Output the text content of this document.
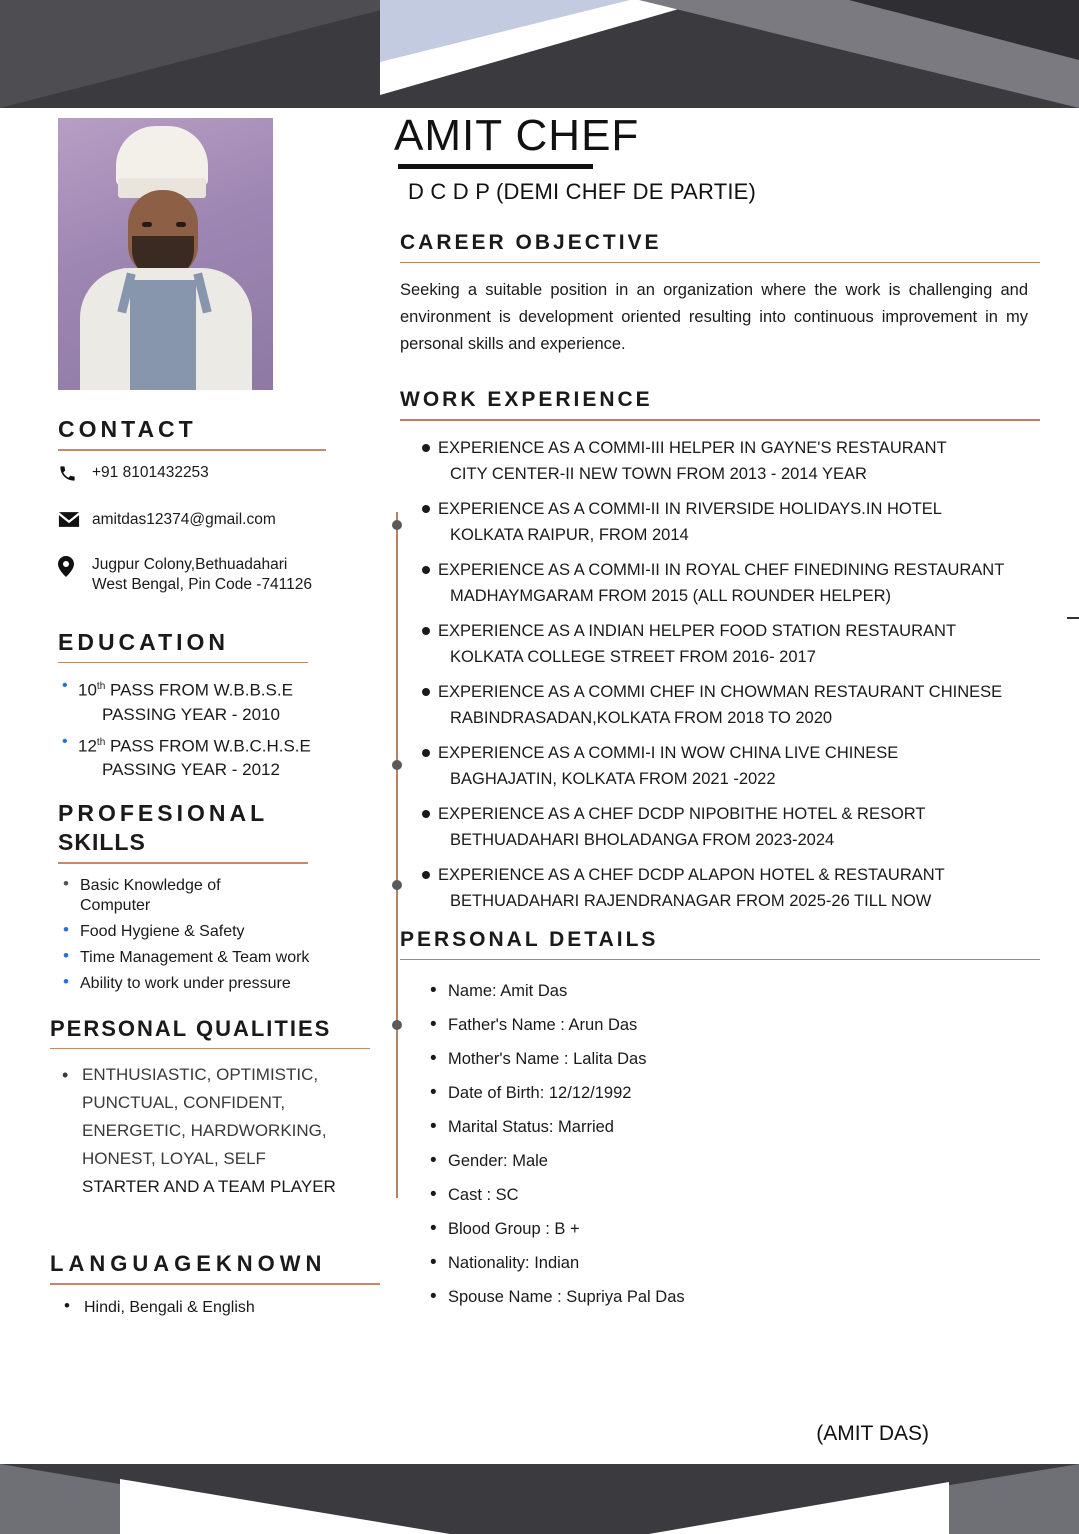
CONTACT
+91 8101432253
amitdas12374@gmail.com
Jugpur Colony,Bethuadahari
West Bengal, Pin Code -741126
EDUCATION
• 10th PASS FROM W.B.B.S.E
PASSING YEAR - 2010
• 12th PASS FROM W.B.C.H.S.E
PASSING YEAR - 2012
PROFESIONAL
SKILLS
• Basic Knowledge of
Computer
• Food Hygiene & Safety
• Time Management & Team work
• Ability to work under pressure
PERSONAL QUALITIES
• ENTHUSIASTIC, OPTIMISTIC,
PUNCTUAL, CONFIDENT,
ENERGETIC, HARDWORKING,
HONEST, LOYAL, SELF
STARTER AND A TEAM PLAYER
LANGUAGEKNOWN
• Hindi, Bengali & English
AMIT CHEF
D C D P (DEMI CHEF DE PARTIE)
CAREER OBJECTIVE
Seeking a suitable position in an organization where the work is challenging and environment is development oriented resulting into continuous improvement in my personal skills and experience.
WORK EXPERIENCE
EXPERIENCE AS A COMMI-III HELPER IN GAYNE'S RESTAURANT
CITY CENTER-II NEW TOWN FROM 2013 - 2014 YEAR
EXPERIENCE AS A COMMI-II IN RIVERSIDE HOLIDAYS.IN HOTEL
KOLKATA RAIPUR, FROM 2014
EXPERIENCE AS A COMMI-II IN ROYAL CHEF FINEDINING RESTAURANT
MADHAYMGARAM FROM 2015 (ALL ROUNDER HELPER)
EXPERIENCE AS A INDIAN HELPER FOOD STATION RESTAURANT
KOLKATA COLLEGE STREET FROM 2016- 2017
EXPERIENCE AS A COMMI CHEF IN CHOWMAN RESTAURANT CHINESE
RABINDRASADAN,KOLKATA FROM 2018 TO 2020
EXPERIENCE AS A COMMI-I IN WOW CHINA LIVE CHINESE
BAGHAJATIN, KOLKATA FROM 2021 -2022
EXPERIENCE AS A CHEF DCDP NIPOBITHE HOTEL & RESORT
BETHUADAHARI BHOLADANGA FROM 2023-2024
EXPERIENCE AS A CHEF DCDP ALAPON HOTEL & RESTAURANT
BETHUADAHARI RAJENDRANAGAR FROM 2025-26 TILL NOW
PERSONAL DETAILS
• Name: Amit Das
• Father's Name : Arun Das
• Mother's Name : Lalita Das
• Date of Birth: 12/12/1992
• Marital Status: Married
• Gender: Male
• Cast : SC
• Blood Group : B +
• Nationality: Indian
• Spouse Name : Supriya Pal Das
(AMIT DAS)
